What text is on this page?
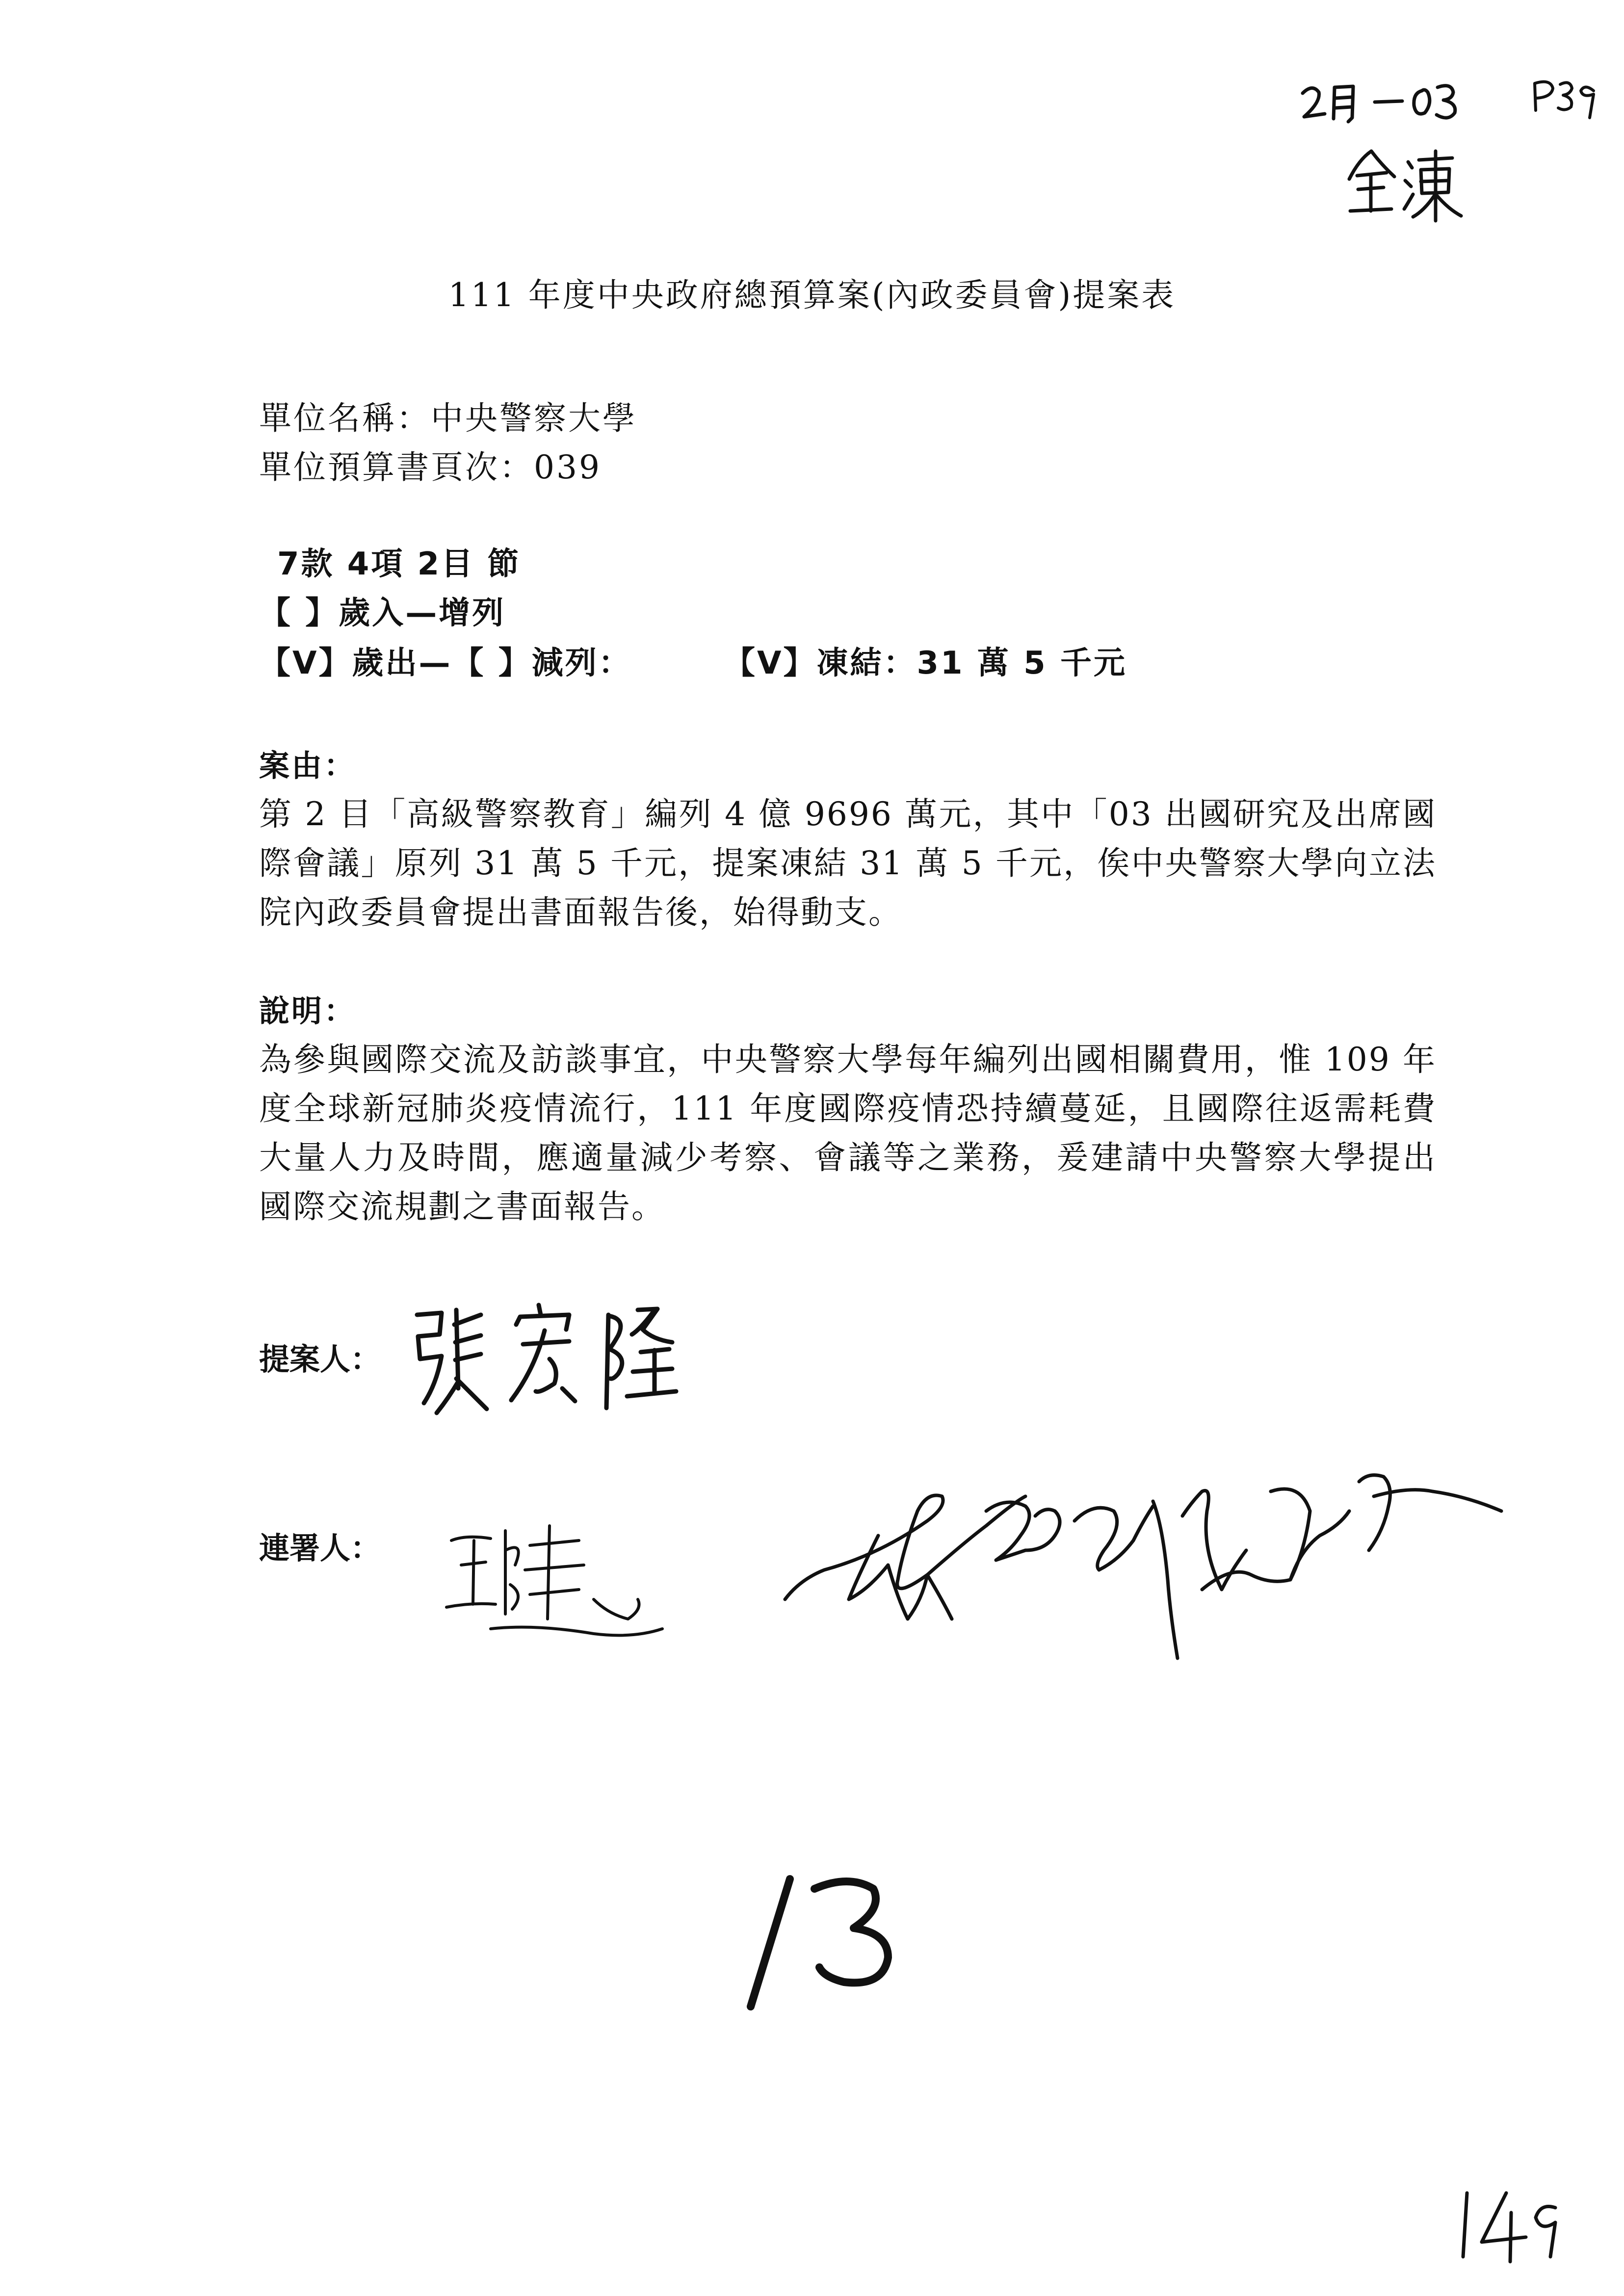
111 年度中央政府總預算案(內政委員會)提案表
單位名稱：中央警察大學
單位預算書頁次：039
7款 4項 2目 節
【 】歲入—增列
【V】歲出—【 】減列：	【V】凍結：31 萬 5 千元
案由：
第 2 目「高級警察教育」編列 4 億 9696 萬元，其中「03 出國研究及出席國際會議」原列 31 萬 5 千元，提案凍結 31 萬 5 千元，俟中央警察大學向立法院內政委員會提出書面報告後，始得動支。
說明：
為參與國際交流及訪談事宜，中央警察大學每年編列出國相關費用，惟 109 年度全球新冠肺炎疫情流行，111 年度國際疫情恐持續蔓延，且國際往返需耗費大量人力及時間，應適量減少考察、會議等之業務，爰建請中央警察大學提出國際交流規劃之書面報告。
提案人：
連署人：
